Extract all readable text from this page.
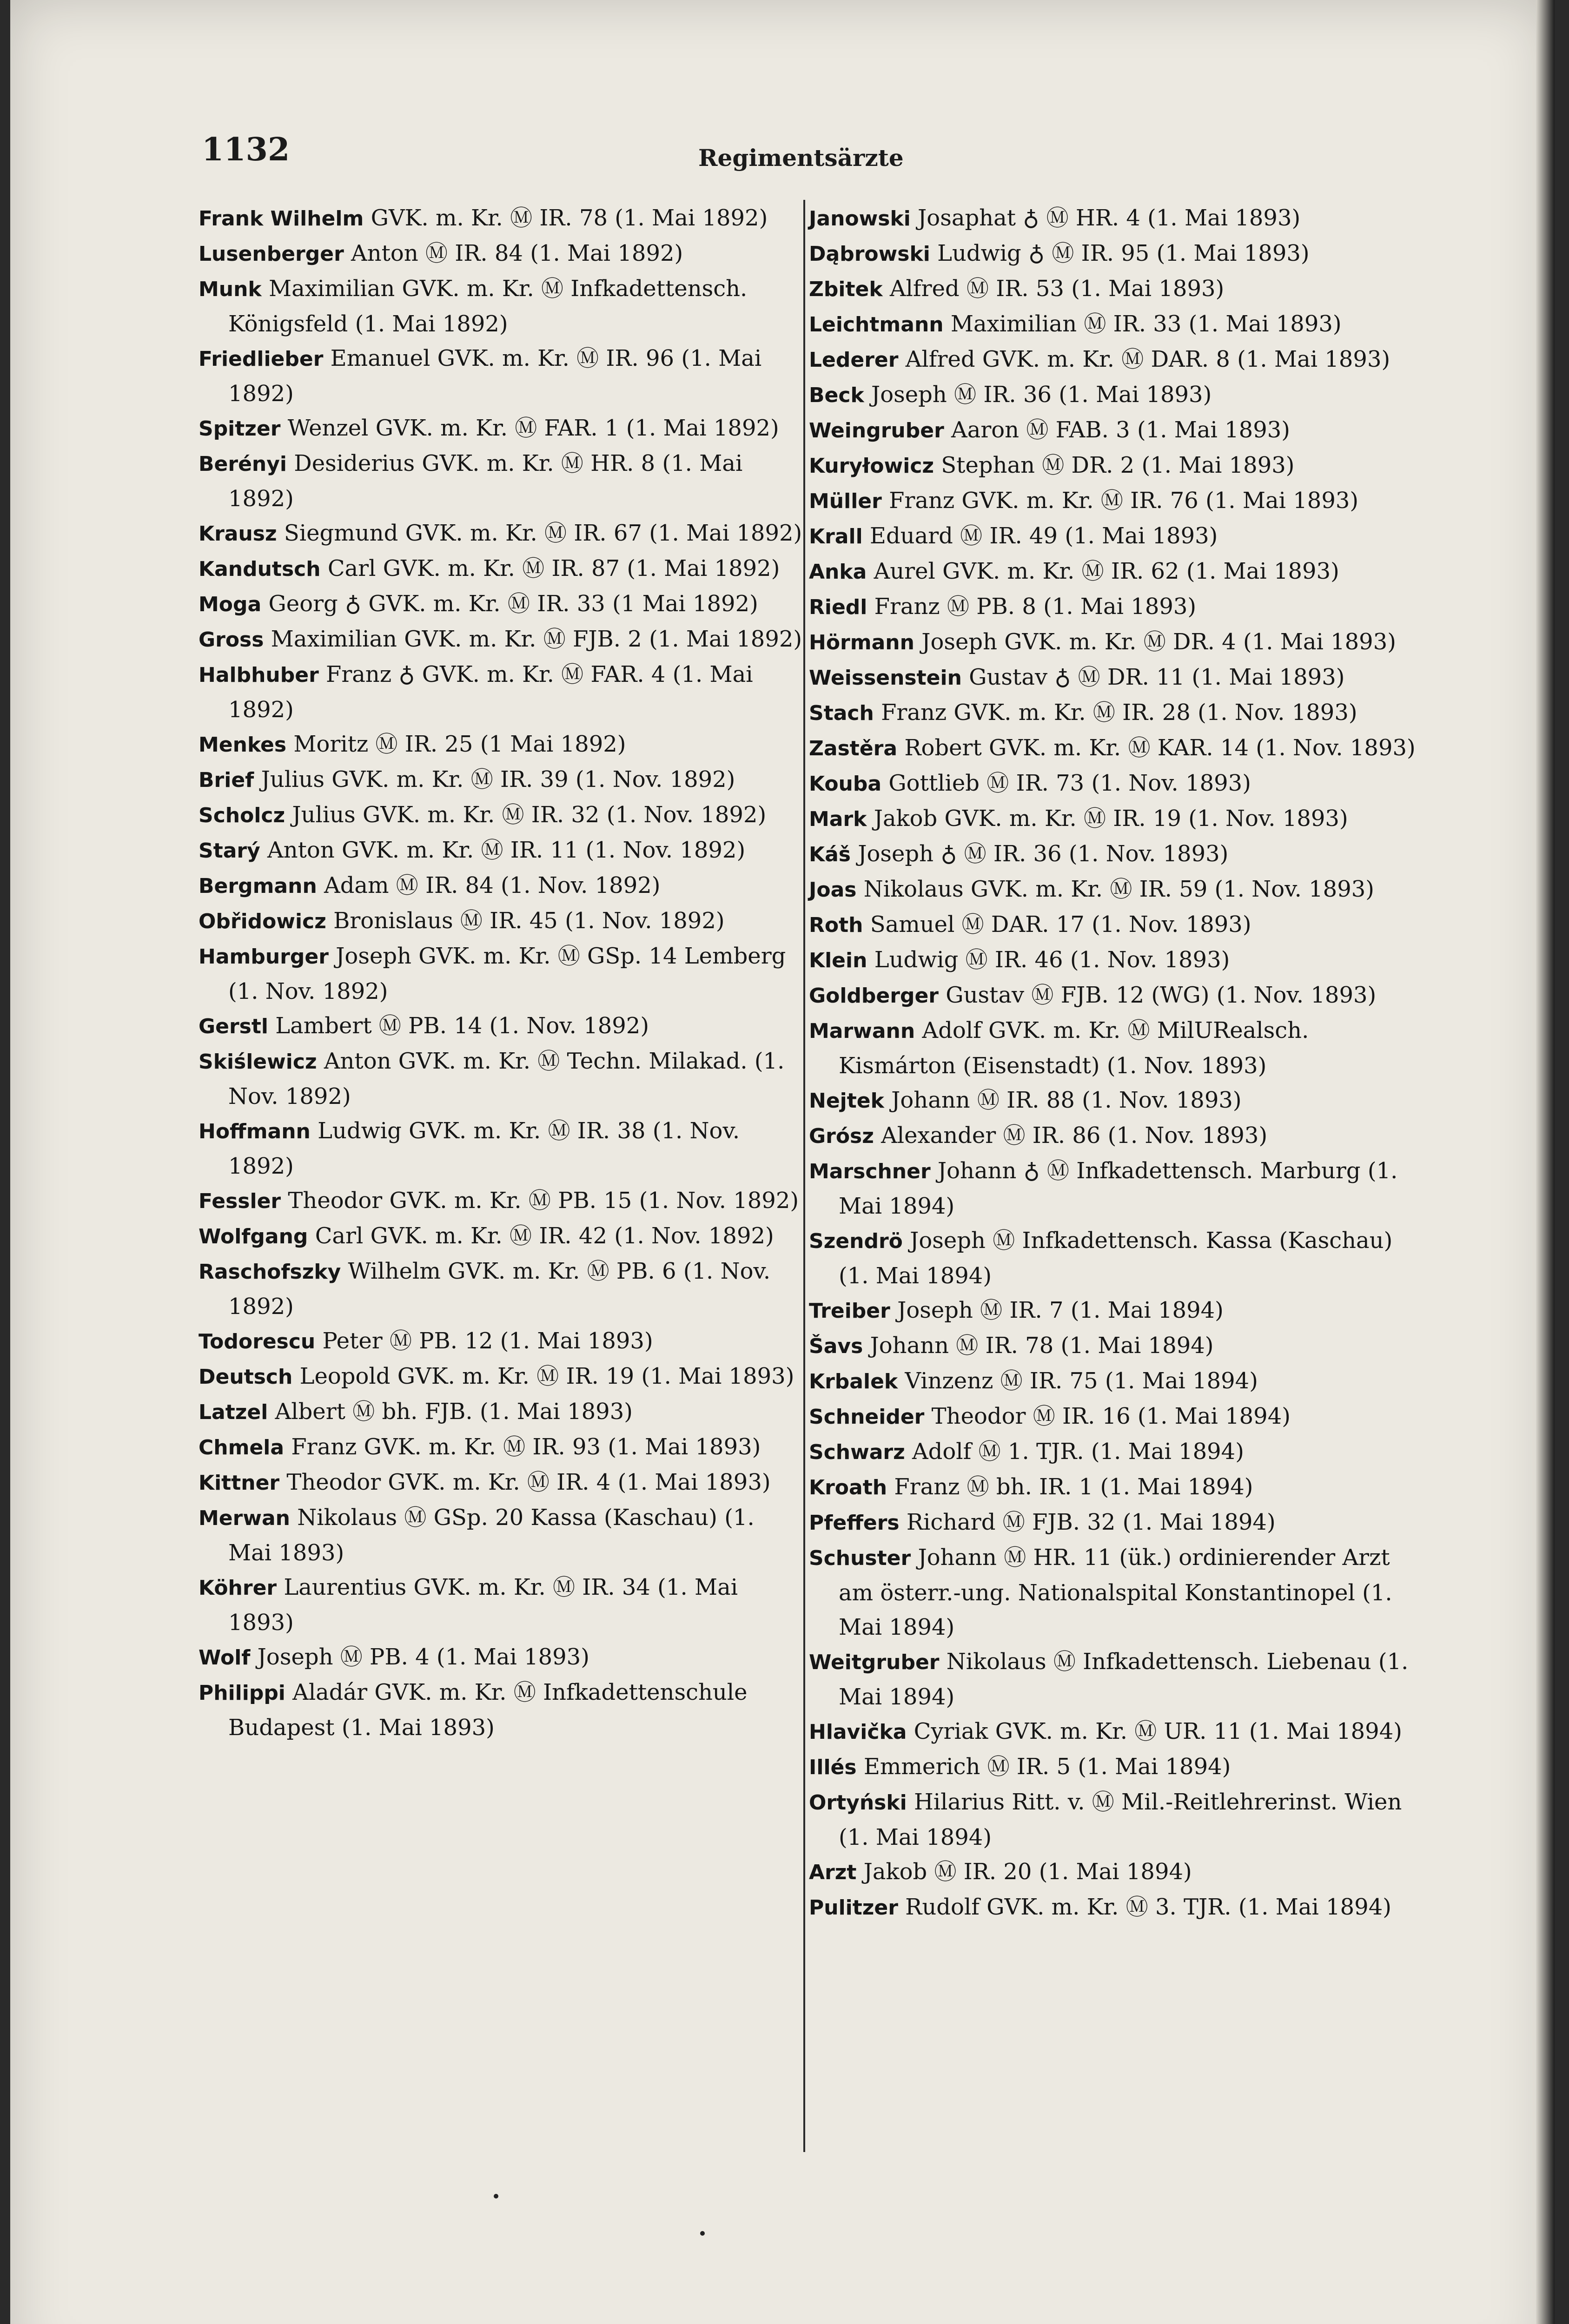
1132	Regimentsärzte

Frank Wilhelm GVK. m. Kr. Ⓜ IR. 78 (1. Mai 1892)

Lusenberger Anton Ⓜ IR. 84 (1. Mai 1892)

Munk Maximilian GVK. m. Kr. Ⓜ Infkadettensch. Königsfeld (1. Mai 1892)

Friedlieber Emanuel GVK. m. Kr. Ⓜ IR. 96 (1. Mai 1892)

Spitzer Wenzel GVK. m. Kr. Ⓜ FAR. 1 (1. Mai 1892)

Berényi Desiderius GVK. m. Kr. Ⓜ HR. 8 (1. Mai 1892)

Krausz Siegmund GVK. m. Kr. Ⓜ IR. 67 (1. Mai 1892)

Kandutsch Carl GVK. m. Kr. Ⓜ IR. 87 (1. Mai 1892)

Moga Georg ♁ GVK. m. Kr. Ⓜ IR. 33 (1 Mai 1892)

Gross Maximilian GVK. m. Kr. Ⓜ FJB. 2 (1. Mai 1892)

Halbhuber Franz ♁ GVK. m. Kr. Ⓜ FAR. 4 (1. Mai 1892)

Menkes Moritz Ⓜ IR. 25 (1 Mai 1892)

Brief Julius GVK. m. Kr. Ⓜ IR. 39 (1. Nov. 1892)

Scholcz Julius GVK. m. Kr. Ⓜ IR. 32 (1. Nov. 1892)

Starý Anton GVK. m. Kr. Ⓜ IR. 11 (1. Nov. 1892)

Bergmann Adam Ⓜ IR. 84 (1. Nov. 1892)

Obřidowicz Bronislaus Ⓜ IR. 45 (1. Nov. 1892)

Hamburger Joseph GVK. m. Kr. Ⓜ GSp. 14 Lemberg (1. Nov. 1892)

Gerstl Lambert Ⓜ PB. 14 (1. Nov. 1892)

Skiślewicz Anton GVK. m. Kr. Ⓜ Techn. Milakad. (1. Nov. 1892)

Hoffmann Ludwig GVK. m. Kr. Ⓜ IR. 38 (1. Nov. 1892)

Fessler Theodor GVK. m. Kr. Ⓜ PB. 15 (1. Nov. 1892)

Wolfgang Carl GVK. m. Kr. Ⓜ IR. 42 (1. Nov. 1892)

Raschofszky Wilhelm GVK. m. Kr. Ⓜ PB. 6 (1. Nov. 1892)

Todorescu Peter Ⓜ PB. 12 (1. Mai 1893)

Deutsch Leopold GVK. m. Kr. Ⓜ IR. 19 (1. Mai 1893)

Latzel Albert Ⓜ bh. FJB. (1. Mai 1893)

Chmela Franz GVK. m. Kr. Ⓜ IR. 93 (1. Mai 1893)

Kittner Theodor GVK. m. Kr. Ⓜ IR. 4 (1. Mai 1893)

Merwan Nikolaus Ⓜ GSp. 20 Kassa (Kaschau) (1. Mai 1893)

Köhrer Laurentius GVK. m. Kr. Ⓜ IR. 34 (1. Mai 1893)

Wolf Joseph Ⓜ PB. 4 (1. Mai 1893)

Philippi Aladár GVK. m. Kr. Ⓜ Infkadettenschule Budapest (1. Mai 1893)

Janowski Josaphat ♁ Ⓜ HR. 4 (1. Mai 1893)

Dąbrowski Ludwig ♁ Ⓜ IR. 95 (1. Mai 1893)

Zbitek Alfred Ⓜ IR. 53 (1. Mai 1893)

Leichtmann Maximilian Ⓜ IR. 33 (1. Mai 1893)

Lederer Alfred GVK. m. Kr. Ⓜ DAR. 8 (1. Mai 1893)

Beck Joseph Ⓜ IR. 36 (1. Mai 1893)

Weingruber Aaron Ⓜ FAB. 3 (1. Mai 1893)

Kuryłowicz Stephan Ⓜ DR. 2 (1. Mai 1893)

Müller Franz GVK. m. Kr. Ⓜ IR. 76 (1. Mai 1893)

Krall Eduard Ⓜ IR. 49 (1. Mai 1893)

Anka Aurel GVK. m. Kr. Ⓜ IR. 62 (1. Mai 1893)

Riedl Franz Ⓜ PB. 8 (1. Mai 1893)

Hörmann Joseph GVK. m. Kr. Ⓜ DR. 4 (1. Mai 1893)

Weissenstein Gustav ♁ Ⓜ DR. 11 (1. Mai 1893)

Stach Franz GVK. m. Kr. Ⓜ IR. 28 (1. Nov. 1893)

Zastěra Robert GVK. m. Kr. Ⓜ KAR. 14 (1. Nov. 1893)

Kouba Gottlieb Ⓜ IR. 73 (1. Nov. 1893)

Mark Jakob GVK. m. Kr. Ⓜ IR. 19 (1. Nov. 1893)

Káš Joseph ♁ Ⓜ IR. 36 (1. Nov. 1893)

Joas Nikolaus GVK. m. Kr. Ⓜ IR. 59 (1. Nov. 1893)

Roth Samuel Ⓜ DAR. 17 (1. Nov. 1893)

Klein Ludwig Ⓜ IR. 46 (1. Nov. 1893)

Goldberger Gustav Ⓜ FJB. 12 (WG) (1. Nov. 1893)

Marwann Adolf GVK. m. Kr. Ⓜ MilURealsch. Kismárton (Eisenstadt) (1. Nov. 1893)

Nejtek Johann Ⓜ IR. 88 (1. Nov. 1893)

Grósz Alexander Ⓜ IR. 86 (1. Nov. 1893)

Marschner Johann ♁ Ⓜ Infkadettensch. Marburg (1. Mai 1894)

Szendrö Joseph Ⓜ Infkadettensch. Kassa (Kaschau) (1. Mai 1894)

Treiber Joseph Ⓜ IR. 7 (1. Mai 1894)

Šavs Johann Ⓜ IR. 78 (1. Mai 1894)

Krbalek Vinzenz Ⓜ IR. 75 (1. Mai 1894)

Schneider Theodor Ⓜ IR. 16 (1. Mai 1894)

Schwarz Adolf Ⓜ 1. TJR. (1. Mai 1894)

Kroath Franz Ⓜ bh. IR. 1 (1. Mai 1894)

Pfeffers Richard Ⓜ FJB. 32 (1. Mai 1894)

Schuster Johann Ⓜ HR. 11 (ük.) ordinierender Arzt am österr.-ung. Nationalspital Konstantinopel (1. Mai 1894)

Weitgruber Nikolaus Ⓜ Infkadettensch. Liebenau (1. Mai 1894)

Hlavička Cyriak GVK. m. Kr. Ⓜ UR. 11 (1. Mai 1894)

Illés Emmerich Ⓜ IR. 5 (1. Mai 1894)

Ortyński Hilarius Ritt. v. Ⓜ Mil.-Reitlehrerinst. Wien (1. Mai 1894)

Arzt Jakob Ⓜ IR. 20 (1. Mai 1894)

Pulitzer Rudolf GVK. m. Kr. Ⓜ 3. TJR. (1. Mai 1894)
